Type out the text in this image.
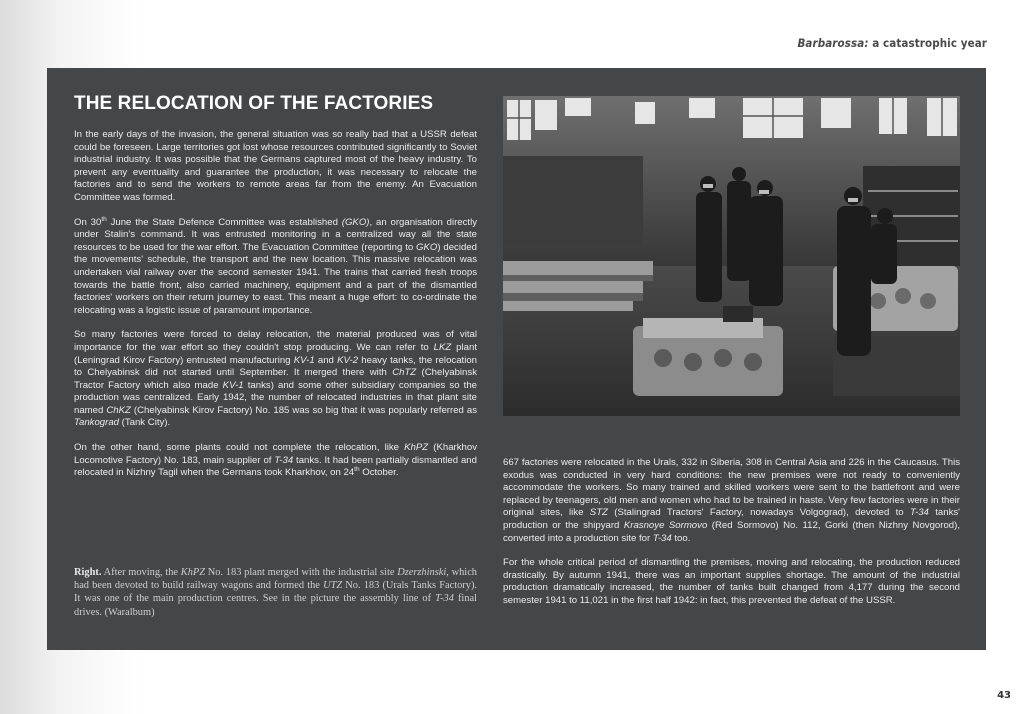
Barbarossa: a catastrophic year
THE RELOCATION OF THE FACTORIES

In the early days of the invasion, the general situation was so really bad that a USSR defeat could be foreseen. Large territories got lost whose resources contributed significantly to Soviet industrial industry. It was possible that the Germans captured most of the heavy industry. To prevent any eventuality and guarantee the production, it was necessary to relocate the factories and to send the workers to remote areas far from the enemy. An Evacuation Committee was formed.

On 30th June the State Defence Committee was established (GKO), an organisation directly under Stalin's command. It was entrusted monitoring in a centralized way all the state resources to be used for the war effort. The Evacuation Committee (reporting to GKO) decided the movements' schedule, the transport and the new location. This massive relocation was undertaken vial railway over the second semester 1941. The trains that carried fresh troops towards the battle front, also carried machinery, equipment and a part of the dismantled factories' workers on their return journey to east. This meant a huge effort: to co-ordinate the relocating was a logistic issue of paramount importance.

So many factories were forced to delay relocation, the material produced was of vital importance for the war effort so they couldn't stop producing. We can refer to LKZ plant (Leningrad Kirov Factory) entrusted manufacturing KV-1 and KV-2 heavy tanks, the relocation to Chelyabinsk did not started until September. It merged there with ChTZ (Chelyabinsk Tractor Factory which also made KV-1 tanks) and some other subsidiary companies so the production was centralized. Early 1942, the number of relocated industries in that plant site named ChKZ (Chelyabinsk Kirov Factory) No. 185 was so big that it was popularly referred as Tankograd (Tank City).

On the other hand, some plants could not complete the relocation, like KhPZ (Kharkhov Locomotive Factory) No. 183, main supplier of T-34 tanks. It had been partially dismantled and relocated in Nizhny Tagil when the Germans took Kharkhov, on 24th October.

Right. After moving, the KhPZ No. 183 plant merged with the industrial site Dzerzhinski, which had been devoted to build railway wagons and formed the UTZ No. 183 (Urals Tanks Factory). It was one of the main production centres. See in the picture the assembly line of T-34 final drives. (Waralbum)

667 factories were relocated in the Urals, 332 in Siberia, 308 in Central Asia and 226 in the Caucasus. This exodus was conducted in very hard conditions: the new premises were not ready to conveniently accommodate the workers. So many trained and skilled workers were sent to the battlefront and were replaced by teenagers, old men and women who had to be trained in haste. Very few factories were in their original sites, like STZ (Stalingrad Tractors' Factory, nowadays Volgograd), devoted to T-34 tanks' production or the shipyard Krasnoye Sormovo (Red Sormovo) No. 112, Gorki (then Nizhny Novgorod), converted into a production site for T-34 too.

For the whole critical period of dismantling the premises, moving and relocating, the production reduced drastically. By autumn 1941, there was an important supplies shortage. The amount of the industrial production dramatically increased, the number of tanks built changed from 4,177 during the second semester 1941 to 11,021 in the first half 1942: in fact, this prevented the defeat of the USSR.

43
